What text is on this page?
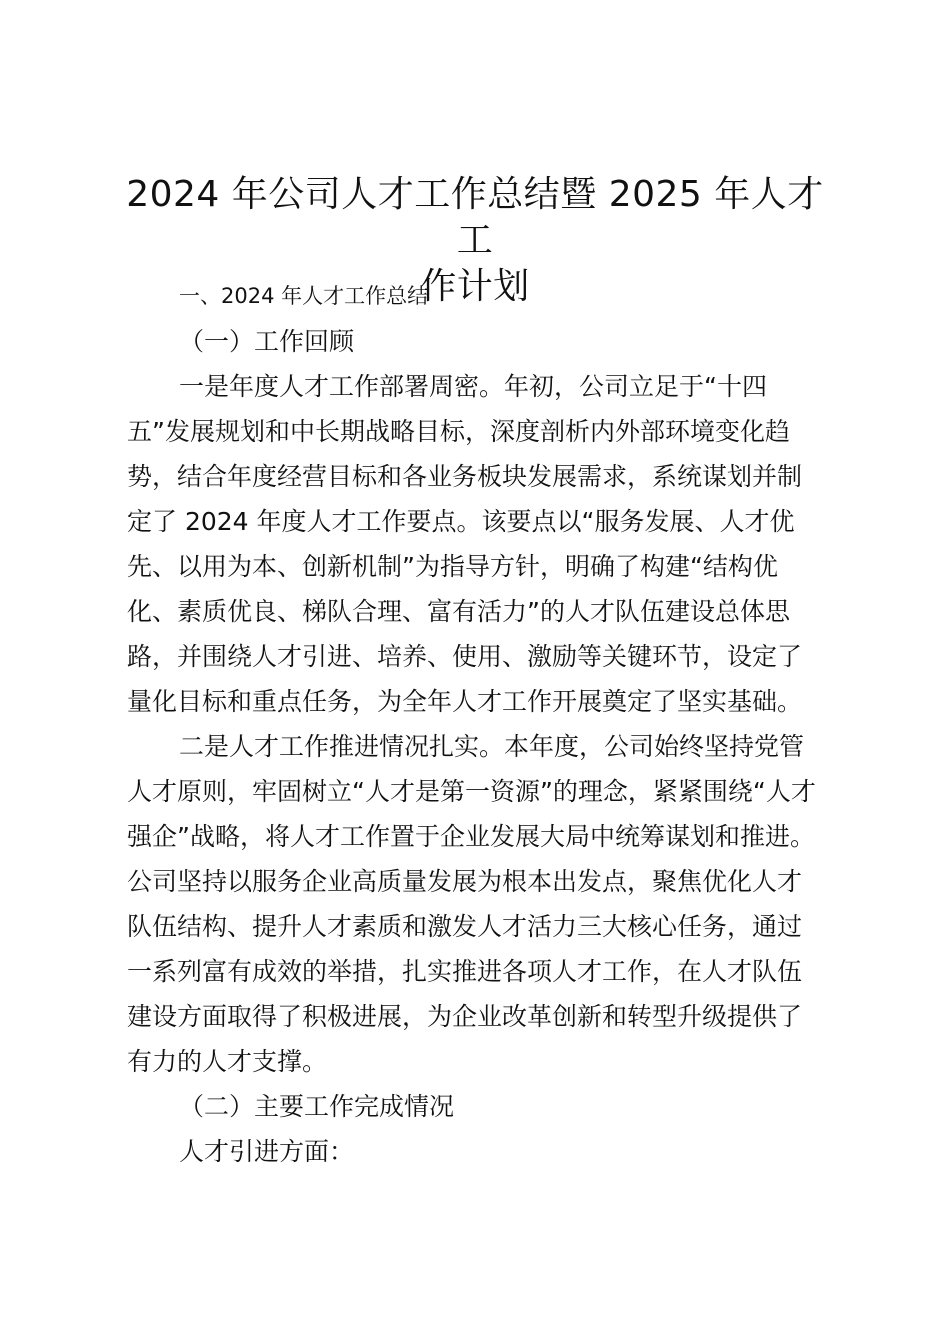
2024 年公司人才工作总结暨 2025 年人才工
作计划
一、2024 年人才工作总结
（一）工作回顾
一是年度人才工作部署周密。年初，公司立足于“十四
五”发展规划和中长期战略目标，深度剖析内外部环境变化趋
势，结合年度经营目标和各业务板块发展需求，系统谋划并制
定了 2024 年度人才工作要点。该要点以“服务发展、人才优
先、以用为本、创新机制”为指导方针，明确了构建“结构优
化、素质优良、梯队合理、富有活力”的人才队伍建设总体思
路，并围绕人才引进、培养、使用、激励等关键环节，设定了
量化目标和重点任务，为全年人才工作开展奠定了坚实基础。
二是人才工作推进情况扎实。本年度，公司始终坚持党管
人才原则，牢固树立“人才是第一资源”的理念，紧紧围绕“人才
强企”战略，将人才工作置于企业发展大局中统筹谋划和推进。
公司坚持以服务企业高质量发展为根本出发点，聚焦优化人才
队伍结构、提升人才素质和激发人才活力三大核心任务，通过
一系列富有成效的举措，扎实推进各项人才工作，在人才队伍
建设方面取得了积极进展，为企业改革创新和转型升级提供了
有力的人才支撑。
（二）主要工作完成情况
人才引进方面：
